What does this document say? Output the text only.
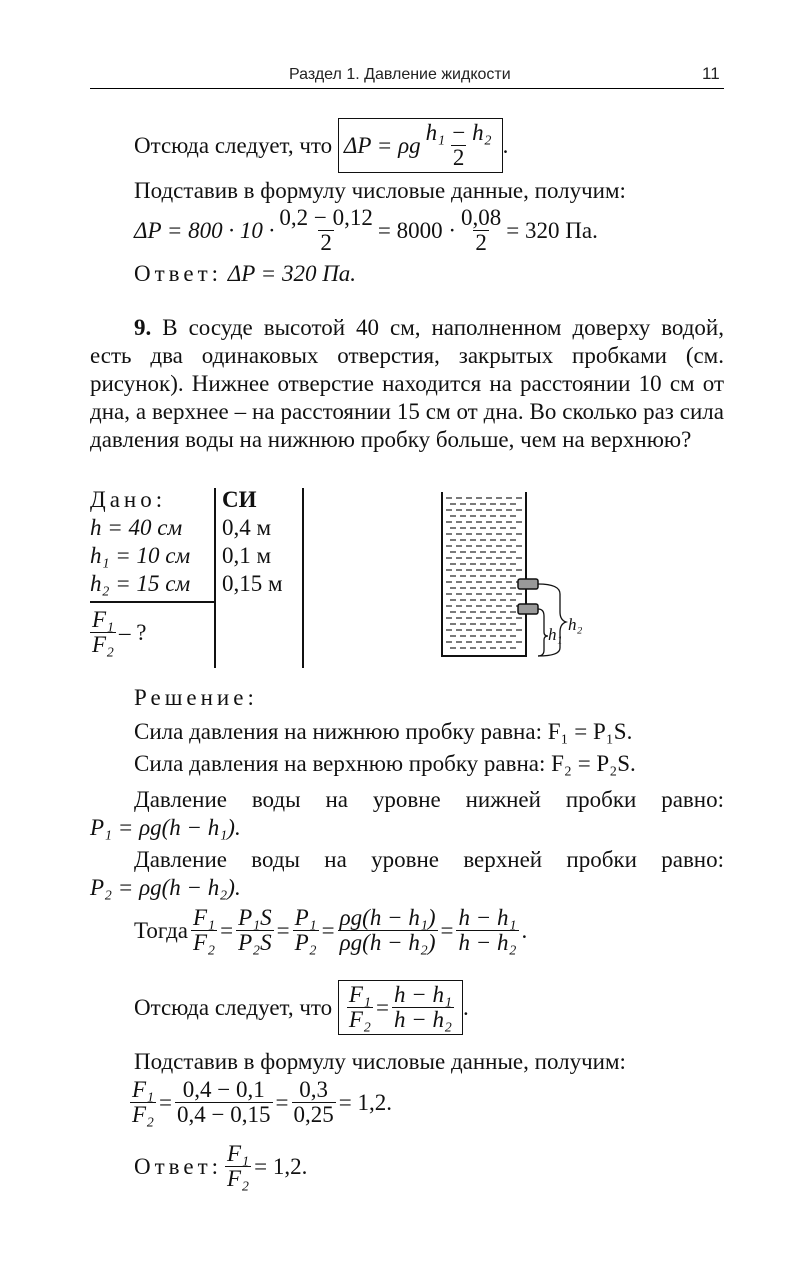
Раздел 1. Давление жидкости	11
Отсюда следует, что
ΔP = ρg $\frac{\text{h₁ − h₂}}{2}$ .
Подставив в формулу числовые данные, получим:
$\Delta P = 800 \cdot 10 \cdot \frac{0,2 - 0,12}{2} = 8000 \cdot \frac{0,08}{2} = 320$ Па.
Ответ: ΔP = 320 Па.
9. В сосуде высотой 40 см, наполненном доверху водой, есть два одинаковых отверстия, закрытых пробками (см. рисунок). Нижнее отверстие находится на расстоянии 10 см от дна, а верхнее – на расстоянии 15 см от дна. Во сколько раз сила давления воды на нижнюю пробку больше, чем на верхнюю?
Дано: СИ
h = 40 см 0,4 м
h₁ = 10 см 0,1 м
h₂ = 15 см 0,15 м
$\frac{\text{F₁}}{\text{F₂}}$ – ?	h₁
h₂
Решение:
Сила давления на нижнюю пробку равна: F₁ = P₁S.
Сила давления на верхнюю пробку равна: F₂ = P₂S.
Давление воды на уровне нижней пробки равно:
P₁ = ρg(h − h₁).
Давление воды на уровне верхней пробки равно:
P₂ = ρg(h − h₂).
Тогда $\frac{\text{F₁}}{\text{F₂}} = \frac{\text{P₁S}}{\text{P₂S}} = \frac{\text{P₁}}{\text{P₂}} = \frac{\text{ρg(h − h₁)}}{\text{ρg(h − h₂)}} = \frac{\text{h − h₁}}{\text{h − h₂}}$ .
Отсюда следует, что
$\frac{\text{F₁}}{\text{F₂}} = \frac{\text{h − h₁}}{\text{h − h₂}}$ .
Подставив в формулу числовые данные, получим:
$\frac{\text{F₁}}{\text{F₂}} = \frac{0,4 - 0,1}{0,4 - 0,15} = \frac{0,3}{0,25} = 1,2$.
Ответ: $\frac{\text{F₁}}{\text{F₂}} = 1,2$.
